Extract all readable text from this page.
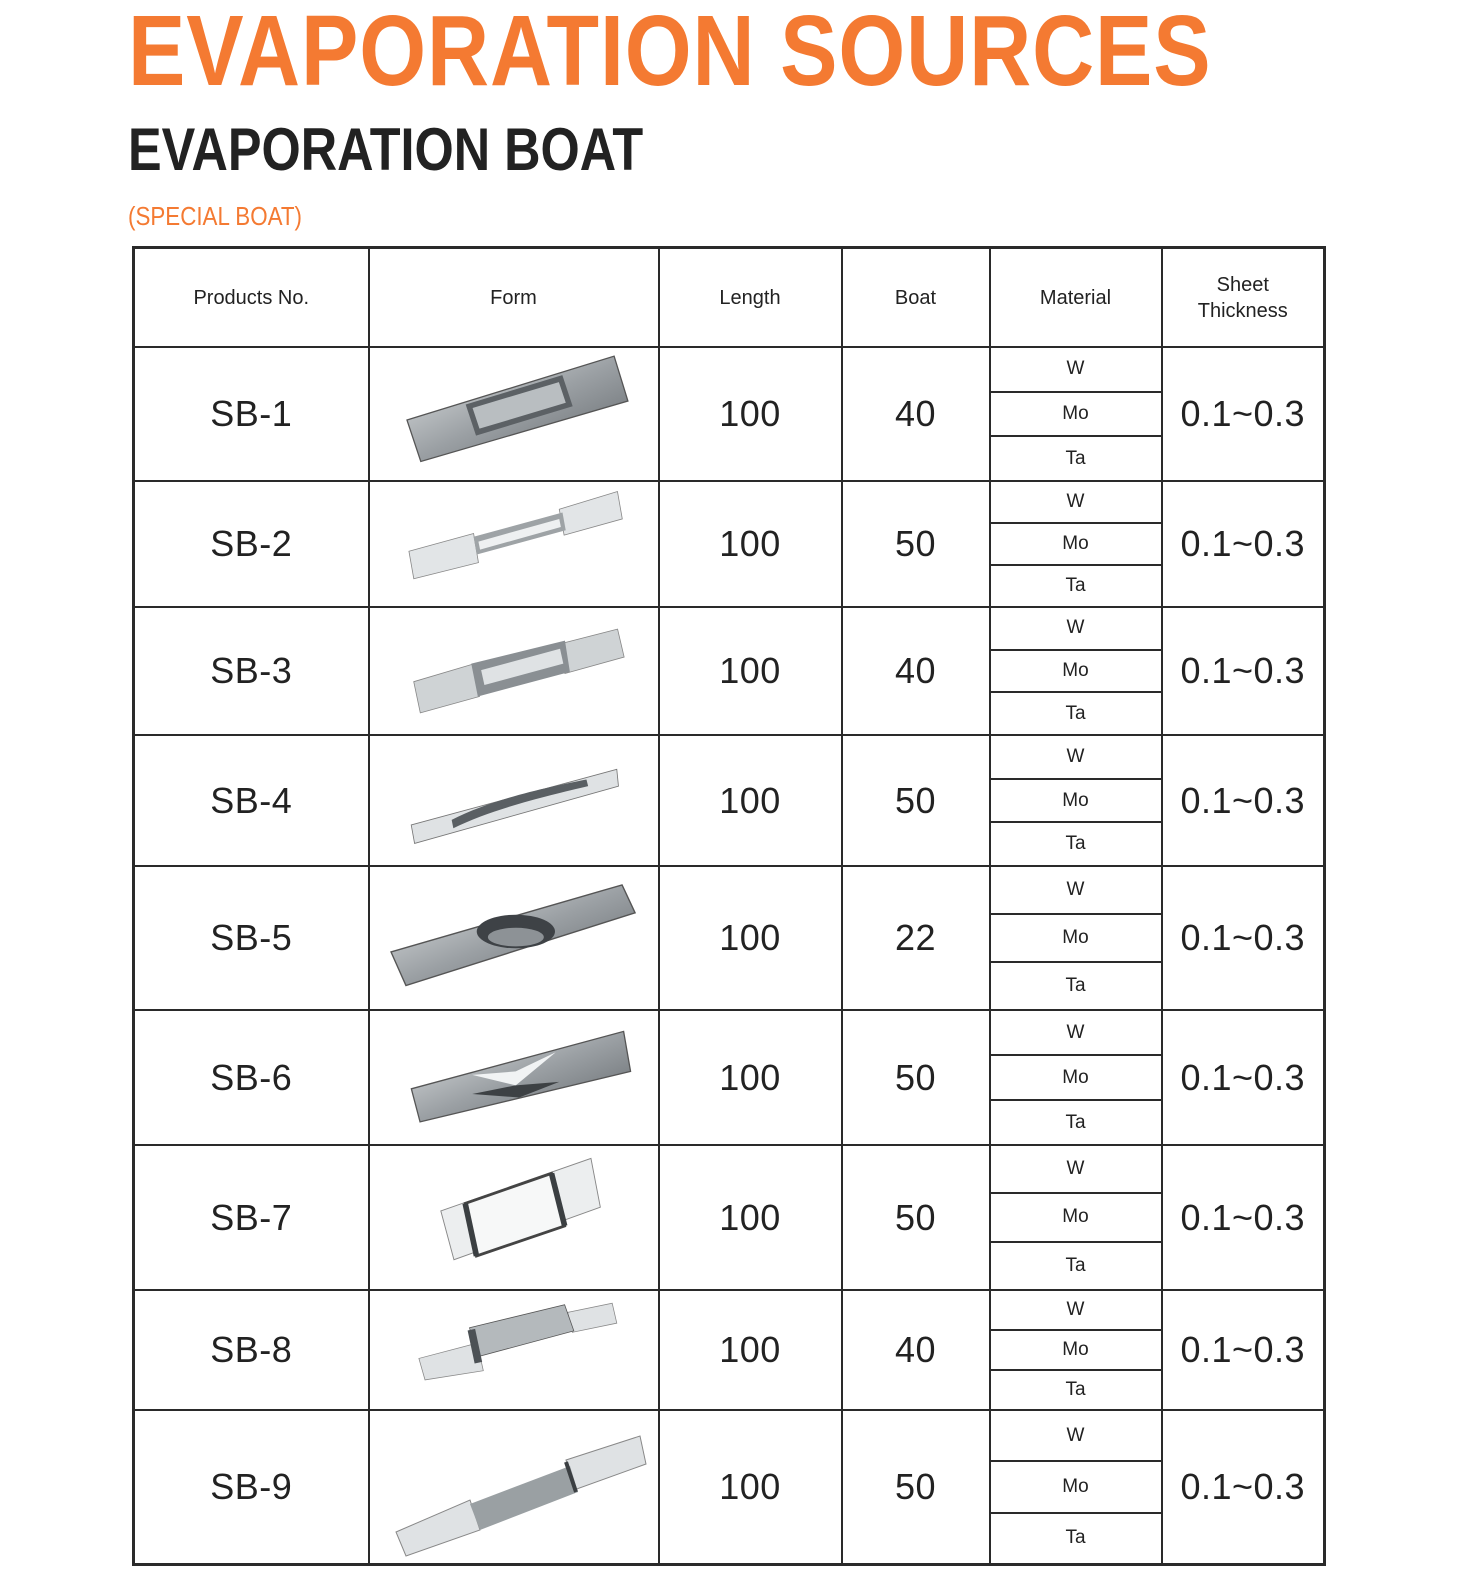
EVAPORATION SOURCES
EVAPORATION BOAT

(SPECIAL BOAT)

Products No.	Form	Length	Boat	Material	Sheet
Thickness

SB-1		100	40	W
Mo
Ta	0.1~0.3
SB-2		100	50	W
Mo
Ta	0.1~0.3
SB-3		100	40	W
Mo
Ta	0.1~0.3
SB-4		100	50	W
Mo
Ta	0.1~0.3
SB-5		100	22	W
Mo
Ta	0.1~0.3
SB-6		100	50	W
Mo
Ta	0.1~0.3
SB-7		100	50	W
Mo
Ta	0.1~0.3
SB-8		100	40	W
Mo
Ta	0.1~0.3
SB-9		100	50	W
Mo
Ta	0.1~0.3
